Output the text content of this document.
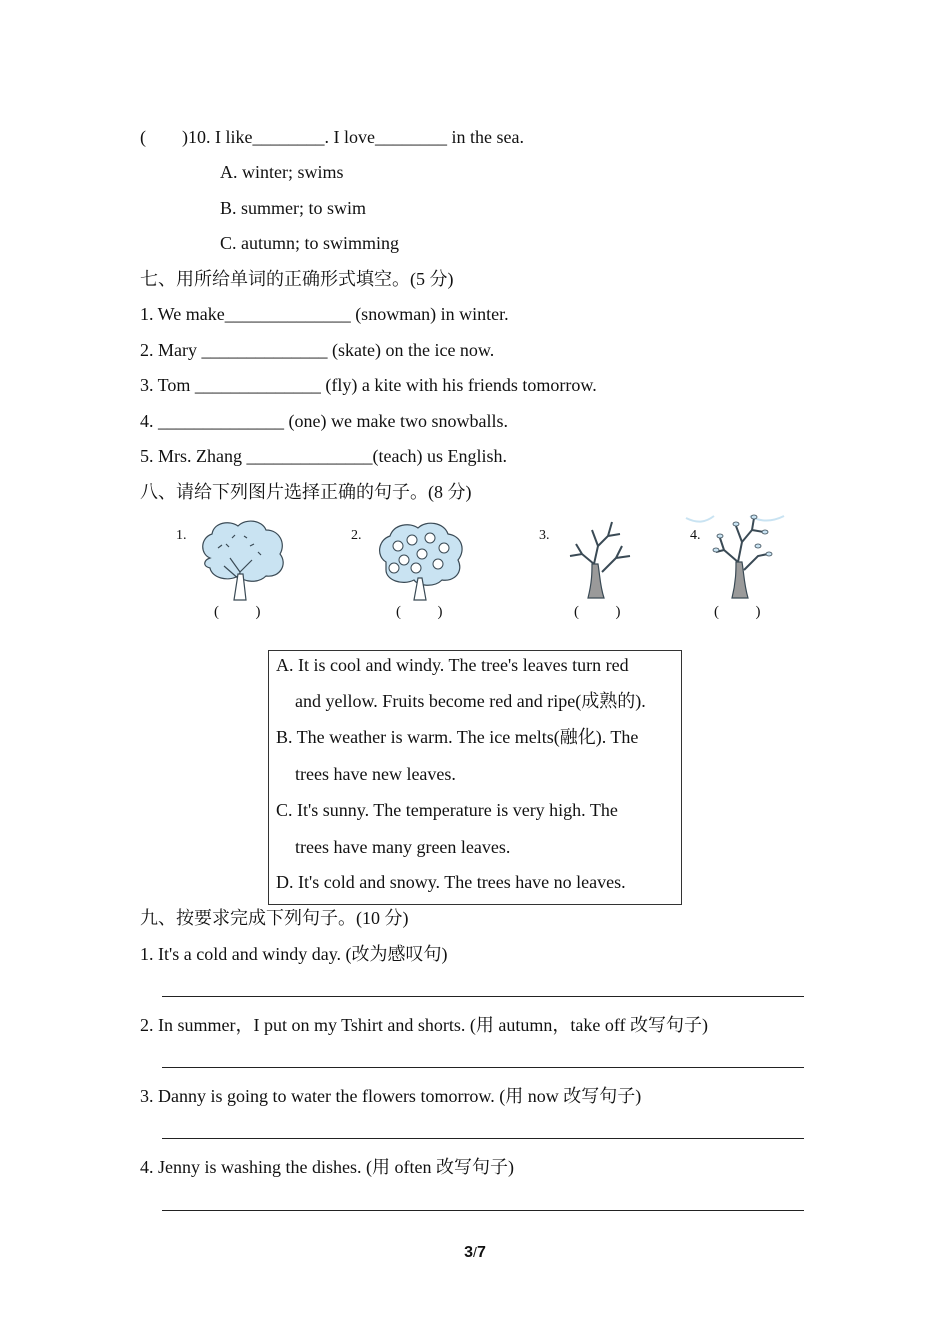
(        )10. I like________. I love________ in the sea.
A. winter; swims
B. summer; to swim
C. autumn; to swimming
七、用所给单词的正确形式填空。(5 分)
1. We make______________ (snowman) in winter.
2. Mary ______________ (skate) on the ice now.
3. Tom ______________ (fly) a kite with his friends tomorrow.
4. ______________ (one) we make two snowballs.
5. Mrs. Zhang ______________(teach) us English.
八、请给下列图片选择正确的句子。(8 分)
1.
(      )
2.
(      )
3.
(      )
4.
(      )
A. It is cool and windy. The tree's leaves turn red
and yellow. Fruits become red and ripe(成熟的).
B. The weather is warm. The ice melts(融化). The
trees have new leaves.
C. It's sunny. The temperature is very high. The
trees have many green leaves.
D. It's cold and snowy. The trees have no leaves.
九、按要求完成下列句子。(10 分)
1. It's a cold and windy day. (改为感叹句)
2. In summer，I put on my Tshirt and shorts. (用 autumn，take off 改写句子)
3. Danny is going to water the flowers tomorrow. (用 now 改写句子)
4. Jenny is washing the dishes. (用 often 改写句子)
3/7
